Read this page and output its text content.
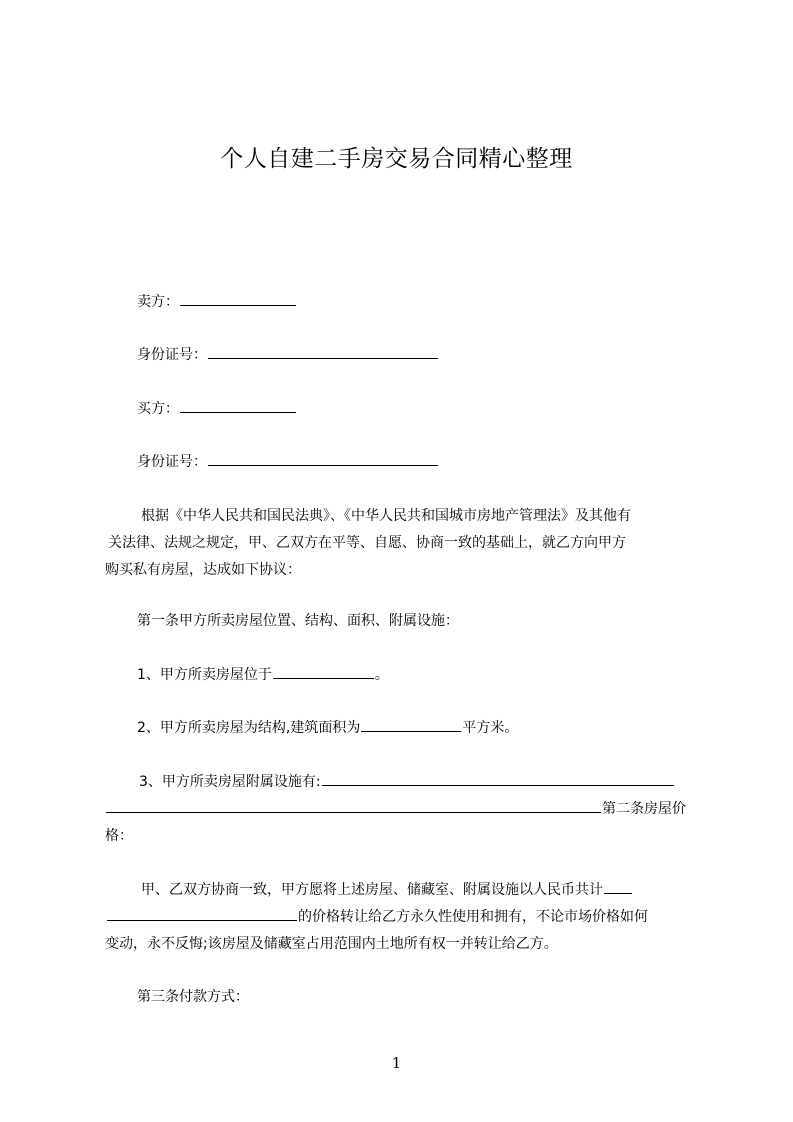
个人自建二手房交易合同精心整理
卖方：
身份证号：
买方：
身份证号：
根据《中华人民共和国民法典》、《中华人民共和国城市房地产管理法》及其他有
关法律、法规之规定，甲、乙双方在平等、自愿、协商一致的基础上，就乙方向甲方
购买私有房屋，达成如下协议：
第一条甲方所卖房屋位置、结构、面积、附属设施：
1、甲方所卖房屋位于	。
2、甲方所卖房屋为结构,建筑面积为	平方米。
3、甲方所卖房屋附属设施有:
第二条房屋价
格：
甲、乙双方协商一致，甲方愿将上述房屋、储藏室、附属设施以人民币共计
的价格转让给乙方永久性使用和拥有，不论市场价格如何
变动，永不反悔;该房屋及储藏室占用范围内土地所有权一并转让给乙方。
第三条付款方式：
1
